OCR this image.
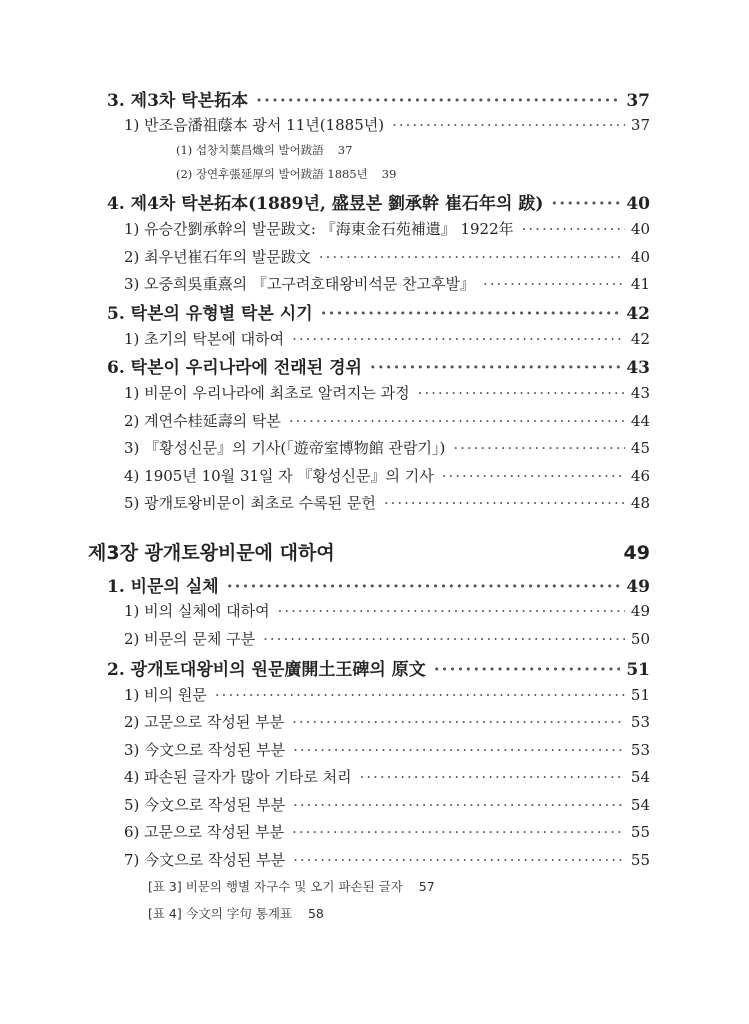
3. 제3차 탁본拓本 ·····	37
1) 반조음潘祖蔭本 광서 11년(1885년) ·····	37
(1) 섭창치葉昌熾의 발어跋語 37
(2) 장연후張延厚의 발어跋語 1885년 39
4. 제4차 탁본拓本(1889년, 盛昱본 劉承幹 崔石年의 跋) ·····	40
1) 유승간劉承幹의 발문跋文: 『海東金石苑補遺』 1922年 ·····	40
2) 최우년崔石年의 발문跋文 ·····	40
3) 오중희吳重熹의 『고구려호태왕비석문 찬고후발』 ·····	41
5. 탁본의 유형별 탁본 시기 ·····	42
1) 초기의 탁본에 대하여 ·····	42
6. 탁본이 우리나라에 전래된 경위 ·····	43
1) 비문이 우리나라에 최초로 알려지는 과정 ·····	43
2) 계연수桂延壽의 탁본 ·····	44
3) 『황성신문』의 기사(「遊帝室博物館 관람기」) ·····	45
4) 1905년 10월 31일 자 『황성신문』의 기사 ·····	46
5) 광개토왕비문이 최초로 수록된 문헌 ·····	48
제3장 광개토왕비문에 대하여	49
1. 비문의 실체 ·····	49
1) 비의 실체에 대하여 ·····	49
2) 비문의 문체 구분 ·····	50
2. 광개토대왕비의 원문廣開土王碑의 原文 ·····	51
1) 비의 원문 ·····	51
2) 고문으로 작성된 부분 ·····	53
3) 今文으로 작성된 부분 ·····	53
4) 파손된 글자가 많아 기타로 처리 ·····	54
5) 今文으로 작성된 부분 ·····	54
6) 고문으로 작성된 부분 ·····	55
7) 今文으로 작성된 부분 ·····	55
[표 3] 비문의 행별 자구수 및 오기 파손된 글자 57
[표 4] 今文의 字句 통계표 58
